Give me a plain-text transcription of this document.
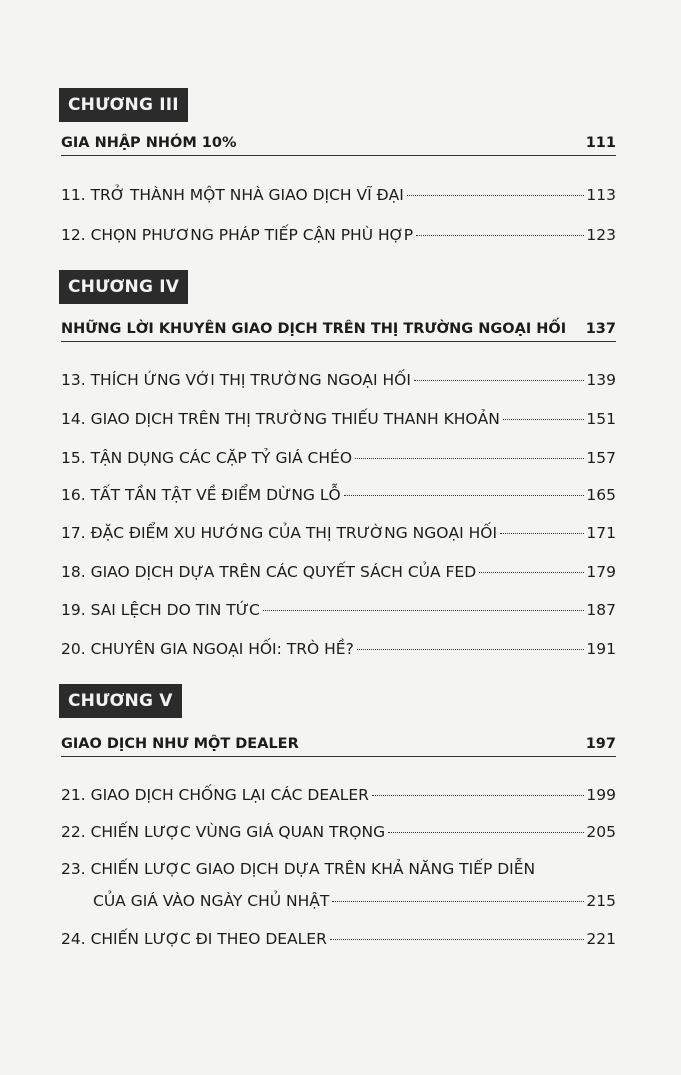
CHƯƠNG III
GIA NHẬP NHÓM 10%	111
11. TRỞ THÀNH MỘT NHÀ GIAO DỊCH VĨ ĐẠI	113
12. CHỌN PHƯƠNG PHÁP TIẾP CẬN PHÙ HỢP	123
CHƯƠNG IV
NHỮNG LỜI KHUYÊN GIAO DỊCH TRÊN THỊ TRƯỜNG NGOẠI HỐI 137
13. THÍCH ỨNG VỚI THỊ TRƯỜNG NGOẠI HỐI	139
14. GIAO DỊCH TRÊN THỊ TRƯỜNG THIẾU THANH KHOẢN	151
15. TẬN DỤNG CÁC CẶP TỶ GIÁ CHÉO	157
16. TẤT TẦN TẬT VỀ ĐIỂM DỪNG LỖ	165
17. ĐẶC ĐIỂM XU HƯỚNG CỦA THỊ TRƯỜNG NGOẠI HỐI	171
18. GIAO DỊCH DỰA TRÊN CÁC QUYẾT SÁCH CỦA FED	179
19. SAI LỆCH DO TIN TỨC	187
20. CHUYÊN GIA NGOẠI HỐI: TRÒ HỀ?	191
CHƯƠNG V
GIAO DỊCH NHƯ MỘT DEALER	197
21. GIAO DỊCH CHỐNG LẠI CÁC DEALER	199
22. CHIẾN LƯỢC VÙNG GIÁ QUAN TRỌNG	205
23. CHIẾN LƯỢC GIAO DỊCH DỰA TRÊN KHẢ NĂNG TIẾP DIỄN
CỦA GIÁ VÀO NGÀY CHỦ NHẬT	215
24. CHIẾN LƯỢC ĐI THEO DEALER	221
